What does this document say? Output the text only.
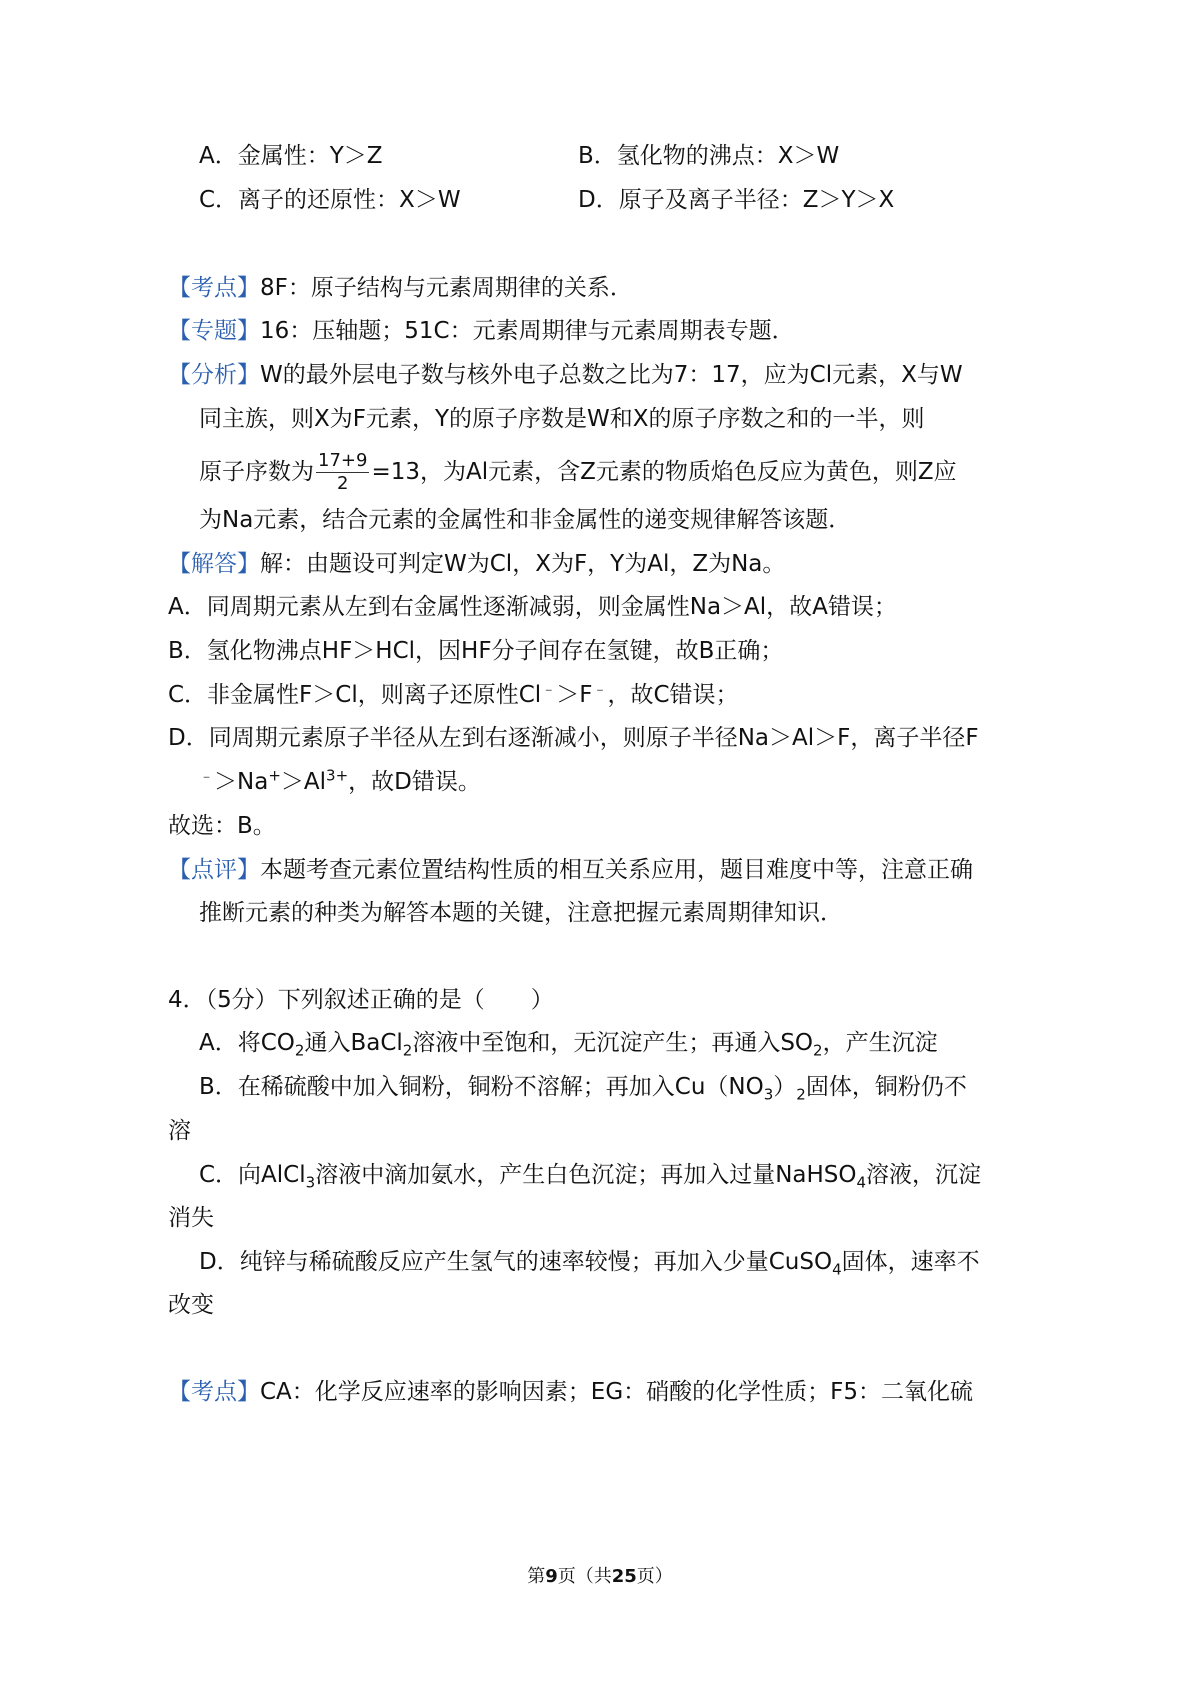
A．金属性：Y＞Z	B．氢化物的沸点：X＞W
C．离子的还原性：X＞W	D．原子及离子半径：Z＞Y＞X
【考点】8F：原子结构与元素周期律的关系．
【专题】16：压轴题；51C：元素周期律与元素周期表专题．
【分析】W的最外层电子数与核外电子总数之比为7：17，应为Cl元素，X与W
同主族，则X为F元素，Y的原子序数是W和X的原子序数之和的一半，则
原子序数为 $\frac{17+9}{2} =13$，为Al元素，含Z元素的物质焰色反应为黄色，则Z应
为Na元素，结合元素的金属性和非金属性的递变规律解答该题．
【解答】解：由题设可判定W为Cl，X为F，Y为Al，Z为Na。
A．同周期元素从左到右金属性逐渐减弱，则金属性Na＞Al，故A错误；
B．氢化物沸点HF＞HCl，因HF分子间存在氢键，故B正确；
C．非金属性F＞Cl，则离子还原性Cl﹣＞F﹣，故C错误；
D．同周期元素原子半径从左到右逐渐减小，则原子半径Na＞Al＞F，离子半径F
$^﹣>Na^+>Al^{3+}$，故D错误。
故选：B。
【点评】本题考查元素位置结构性质的相互关系应用，题目难度中等，注意正确
推断元素的种类为解答本题的关键，注意把握元素周期律知识．
4．（5分）下列叙述正确的是（　　）
A．将$CO_2$通入BaCl$_2$溶液中至饱和，无沉淀产生；再通入$SO_2$，产生沉淀
B．在稀硫酸中加入铜粉，铜粉不溶解；再加入$Cu(NO_3)_2$固体，铜粉仍不
溶
C．向AlCl$_3$溶液中滴加氨水，产生白色沉淀；再加入过量NaHSO$_4$溶液，沉淀
消失
D．纯锌与稀硫酸反应产生氢气的速率较慢；再加入少量CuSO$_4$固体，速率不
改变
【考点】CA：化学反应速率的影响因素；EG：硝酸的化学性质；F5：二氧化硫
第9页（共25页）
